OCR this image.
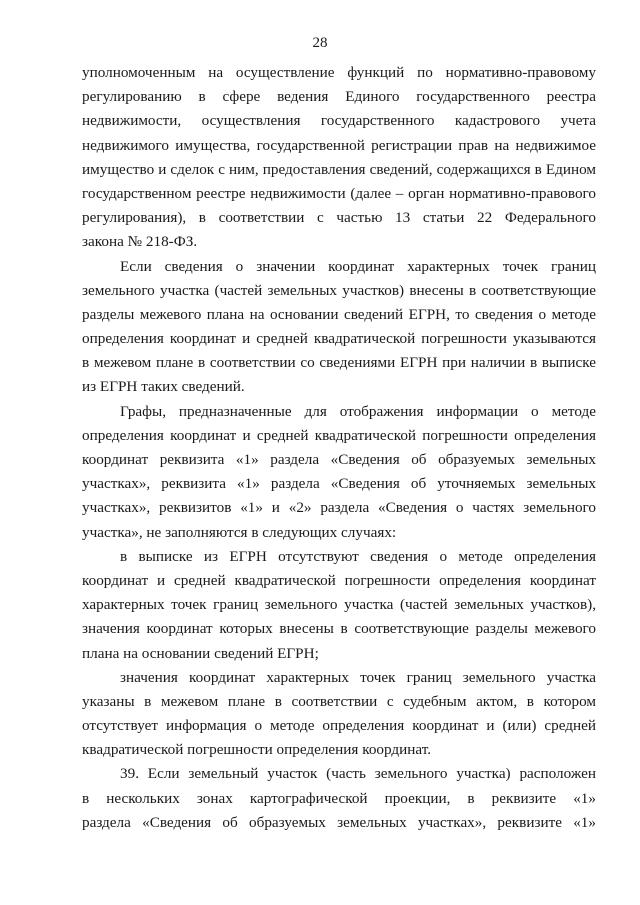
28
уполномоченным на осуществление функций по нормативно-правовому
регулированию в сфере ведения Единого государственного реестра
недвижимости, осуществления государственного кадастрового учета
недвижимого имущества, государственной регистрации прав на недвижимое
имущество и сделок с ним, предоставления сведений, содержащихся в Едином
государственном реестре недвижимости (далее – орган нормативно-правового
регулирования), в соответствии с частью 13 статьи 22 Федерального
закона № 218-ФЗ.
Если сведения о значении координат характерных точек границ
земельного участка (частей земельных участков) внесены в соответствующие
разделы межевого плана на основании сведений ЕГРН, то сведения о методе
определения координат и средней квадратической погрешности указываются
в межевом плане в соответствии со сведениями ЕГРН при наличии в выписке
из ЕГРН таких сведений.
Графы, предназначенные для отображения информации о методе
определения координат и средней квадратической погрешности определения
координат реквизита «1» раздела «Сведения об образуемых земельных
участках», реквизита «1» раздела «Сведения об уточняемых земельных
участках», реквизитов «1» и «2» раздела «Сведения о частях земельного
участка», не заполняются в следующих случаях:
в выписке из ЕГРН отсутствуют сведения о методе определения
координат и средней квадратической погрешности определения координат
характерных точек границ земельного участка (частей земельных участков),
значения координат которых внесены в соответствующие разделы межевого
плана на основании сведений ЕГРН;
значения координат характерных точек границ земельного участка
указаны в межевом плане в соответствии с судебным актом, в котором
отсутствует информация о методе определения координат и (или) средней
квадратической погрешности определения координат.
39. Если земельный участок (часть земельного участка) расположен
в нескольких зонах картографической проекции, в реквизите «1»
раздела «Сведения об образуемых земельных участках», реквизите «1»
